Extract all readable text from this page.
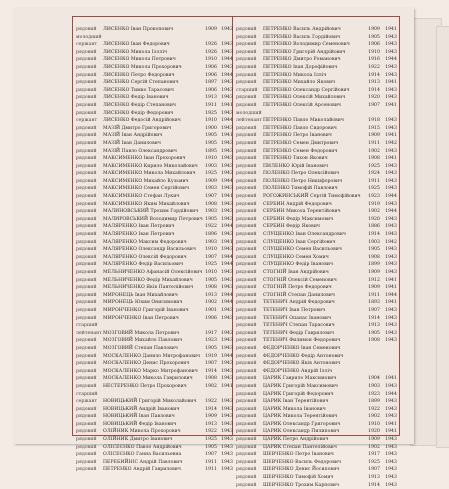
рядовий	ЛИСЕНКО Іван Прокопович	1909 1943
молодший
сержант	ЛИСЕНКО Іван Федорович	1926 1943
рядовий	ЛИСЕНКО Микола Іллліч	1926 1943
рядовий	ЛИСЕНКО Микола Петрович	1910 1944
рядовий	ЛИСЕНКО Микола Прохорович	1906 1943
рядовий	ЛИСЕНКО Петро Федорович	1906 1944
рядовий	ЛИСЕНКО Сергій Степанович	1897 1943
рядовий	ЛИСЕНКО Тимко Тарасович	1906 1943
рядовий	ЛИСЕНКО Федір Іванович	1913 1943
рядовий	ЛИСЕНКО Федір Степанович	1911 1941
рядовий	ЛИСЕНКО Федір Федорович	1925 1943
сержант	ЛИСЕНКО Федосій Андрійович	1910 1944
рядовий	МАЗІЙ Дмитро Григорович	1900 1943
рядовий	МАЗІЙ Іван Андрійович	1905 1941
рядовий	МАЗІЙ Іван Данилович	1905 1943
рядовий	МАЗІЙ Павло Олександрович	1895 1943
рядовий	МАКСИМЕНКО Іван Прохорович	1910 1943
рядовий	МАКСИМЕНКО Кирило Миколайович 1903 1943
рядовий	МАКСИМЕНКО Микола Михайлович 1925 1943
рядовий	МАКСИМЕНКО Михайло Кузьмич	1909 1944
рядовий	МАКСИМЕНКО Семен Сергійович	1903 1943
рядовий	МАКСИМЕНКО Стефан Лукич	1907 1941
рядовий	МАКСИМЕНКО Яким Михайлович	1908 1943
рядовий	МАЛИНОВСЬКИЙ Трохим Гордійович 1903 1943
рядовий	МАЛИРОВСЬКИЙ Володимир Петрович 1905 1943
рядовий	МАЛЯРЕНКО Іван Петрович	1922 1944
рядовий	МАЛЯРЕНКО Іван Петрович	1896 1943
рядовий	МАЛЯРЕНКО Максим Федорович	1903 1941
рядовий	МАЛЯРЕНКО Олександр Васильович 1910 1943
рядовий	МАЛЯРЕНКО Олексій Федорович	1907 1944
рядовий	МАЛЯРЕНКО Федір Васильович	1925 1944
рядовий	МЕЛЬНИЧЕНКО Афанасій Олексійович 1910 1943
рядовий	МЕЛЬНИЧЕНКО Федір Михайлович	1905 1943
рядовий	МЕЛЬНИЧЕНКО Яків Пантелійович	1908 1943
рядовий	МИРОНЕЦЬ Іван Михайлович	1913 1944
рядовий	МИРОНЕЦЬ Юхим Онисимович	1902 1944
рядовий	МИРОНЧЕНКО Григорій Іванович	1901 1943
рядовий	МИРОНЧЕНКО Іван Петрович	1906 1943
старший
лейтенант МОЗГОВИЙ Микола Петрович	1917 1943
рядовий	МОЗГОВИЙ Михайло Павлович	1923 1943
рядовий	МОЗГОВИЙ Степан Павлович	1905 1943
рядовий	МОСКАЛЕНКО Данило Митрофанович 1919 1944
рядовий	МОСКАЛЕНКО Денис Прохорович	1907 1943
рядовий	МОСКАЛЕНКО Марко Митрофанович 1914 1943
рядовий	МОСКАЛЕНКО Микола Гаврилович	1908 1943
рядовий	НЕСТЕРЕНКО Петро Прохорович	1902 1941
старший
сержант	НОВИЦЬКИЙ Григорій Миколайович 1922 1943
рядовий	НОВИЦЬКИЙ Андрій Іванович	1914 1943
рядовий	НОВИЦЬКИЙ Іван Павлович	1909 1943
рядовий	НОВИЦЬКИЙ Федір Іванович	1913 1943
рядовий	ОЛІЙНИК Микола Прохорович	1922 1943
рядовий	ОЛІЙНИК Дмитро Іванович	1925 1943
рядовий	ОЛІСЕЄНКО Павло Андрійович	1905 1943
рядовий	ОЛІСЕЄНКО Ганна Васильевна	1907 1943
рядовий	ПЕРЕБИЙНІС Андрій Павлович	1911 1943
рядовий	ПЕТРЕНКО Андрій Гаврилович	1911 1943
рядовий	ПЕТРЕНКО Василь Андрійович	1909 1941
рядовий	ПЕТРЕНКО Василь Гордійович	1905 1943
рядовий	ПЕТРЕНКО Володимир Семенович	1906 1943
рядовий	ПЕТРЕНКО Григорій Андрійович	1910 1943
рядовий	ПЕТРЕНКО Дмитро Романович	1916 1944
рядовий	ПЕТРЕНКО Іван Дорофійович	1922 1943
рядовий	ПЕТРЕНКО Микола Ілліч	1914 1943
рядовий	ПЕТРЕНКО Михайло Якович	1913 1941
старший	ПЕТРЕНКО Олександр Сергійович	1914 1943
рядовий	ПЕТРЕНКО Олексій Михайлович	1920 1943
рядовий	ПЕТРЕНКО Олексій Арсенович	1907 1941
молодший
лейтенант ПЕТРЕНКО Павло Миколайович	1918 1943
рядовий	ПЕТРЕНКО Павло Сидорович	1915 1943
рядовий	ПЕТРЕНКО Петро Іванович	1909 1941
рядовий	ПЕТРЕНКО Семен Дмитрович	1911 1942
рядовий	ПЕТРЕНКО Семен Федорович	1902 1943
рядовий	ПЕТРЕНКО Тихон Якович	1908 1941
рядовий	ПИЛЕНКО Юрій Іванович	1925 1943
рядовий	ПОЛЕНКО Петро Олексійович	1924 1943
рядовий	ПОЛЕНКО Петро Никифорович	1911 1943
рядовий	ПОЛЕНКО Тимофій Павлович	1925 1943
рядовий	РОГОЖИНСЬКИЙ Сергій Тимофійович 1923 1944
рядовий	СЕРБИН Андрій Федорович	1919 1943
рядовий	СЕРБИН Микола Терентійович	1902 1944
рядовий	СЕРБИН Федір Максимович	1920 1943
рядовий	СЕРБИН Федір Якович	1886 1943
рядовий	СЛУЩЕНКО Іван Олександрович	1914 1943
рядовий	СЛУЩЕНКО Іван Сергійович	1903 1942
рядовий	СЛУЩЕНКО Семен Васильович	1905 1943
рядовий	СЛУЩЕНКО Семен Хомич	1908 1943
рядовий	СЛУЩЕНКО Федір Іванович	1899 1943
рядовий	СТОГНІЙ Іван Андрійович	1909 1943
рядовий	СТОГНІЙ Олексій Семенович	1912 1941
рядовий	СТОГНІЙ Петро Федорович	1909 1941
рядовий	СТОГНІЙ Степан Данилович	1911 1944
рядовий	ТЕТЕНИЧ Андрій Федорович	1893 1941
рядовий	ТЕТЕНИЧ Іван Петрович	1907 1943
рядовий	ТЕТЕНИЧ Опанас Іванович	1914 1943
рядовий	ТЕТЕНИЧ Степан Тарасович	1913 1943
рядовий	ТЕТЕНИЧ Федір Гаврилович	1905 1943
рядовий	ТЕТЕНИЧ Филимон Федорович	1908 1943
рядовий	ФЕДОРЧЕНКО Іван Семенович
рядовий	ФЕДОРЧЕНКО Федір Антонович
рядовий	ФЕДОРЧЕНКО Яків Антонович
рядовий	ФЕДОРЧЕНКО Андрій Ілліч
рядовий	ЦАРИК Гаврило Максимович	1904 1941
рядовий	ЦАРИК Григорій Максимович	1903 1943
рядовий	ЦАРИК Григорій Федорович	1923 1944
рядовий	ЦАРИК Іван Терентійович	1899 1943
рядовий	ЦАРИК Микола Іванович	1922 1943
рядовий	ЦАРИК Микола Терентійович	1902 1943
рядовий	ЦАРИК Олександр Григорович	1910 1941
рядовий	ЦАРИК Олександр Пилипович	1920 1941
рядовий	ЦАРИК Петро Андрійович	1909 1943
рядовий	ЦАРИК Степан Пантелійович	1902 1943
рядовий	ШЕВЧЕНКО Петро Іванович	1917 1943
рядовий	ШЕВЧЕНКО Василь Федорович	1925 1943
рядовий	ШЕВЧЕНКО Денис Йосипович	1907 1943
рядовий	ШЕВЧЕНКО Тимофій Хомич	1913 1943
рядовий	ШЕВЧЕНКО Трохим Карпович	1914 1943
